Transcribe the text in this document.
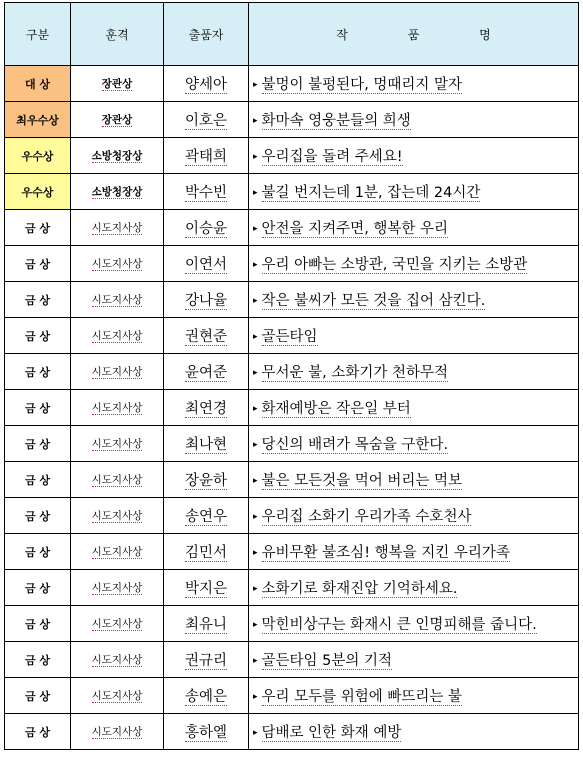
구분	훈격	출품자	작 품 명
대 상	장관상	양세아	▸ 불멍이 불펑된다, 멍때리지 말자
최우수상	장관상	이호은	▸ 화마속 영웅분들의 희생
우수상	소방청장상	곽태희	▸ 우리집을 돌려 주세요!
우수상	소방청장상	박수빈	▸ 불길 번지는데 1분, 잡는데 24시간
금 상	시도지사상	이승윤	▸ 안전을 지켜주면, 행복한 우리
금 상	시도지사상	이연서	▸ 우리 아빠는 소방관, 국민을 지키는 소방관
금 상	시도지사상	강나율	▸ 작은 불씨가 모든 것을 집어 삼킨다.
금 상	시도지사상	권현준	▸ 골든타임
금 상	시도지사상	윤여준	▸ 무서운 불, 소화기가 천하무적
금 상	시도지사상	최연경	▸ 화재예방은 작은일 부터
금 상	시도지사상	최나현	▸ 당신의 배려가 목숨을 구한다.
금 상	시도지사상	장윤하	▸ 불은 모든것을 먹어 버리는 먹보
금 상	시도지사상	송연우	▸ 우리집 소화기 우리가족 수호천사
금 상	시도지사상	김민서	▸ 유비무환 불조심! 행복을 지킨 우리가족
금 상	시도지사상	박지은	▸ 소화기로 화재진압 기억하세요.
금 상	시도지사상	최유니	▸ 막힌비상구는 화재시 큰 인명피해를 줍니다.
금 상	시도지사상	권규리	▸ 골든타임 5분의 기적
금 상	시도지사상	송예은	▸ 우리 모두를 위험에 빠뜨리는 불
금 상	시도지사상	홍하엘	▸ 담배로 인한 화재 예방
